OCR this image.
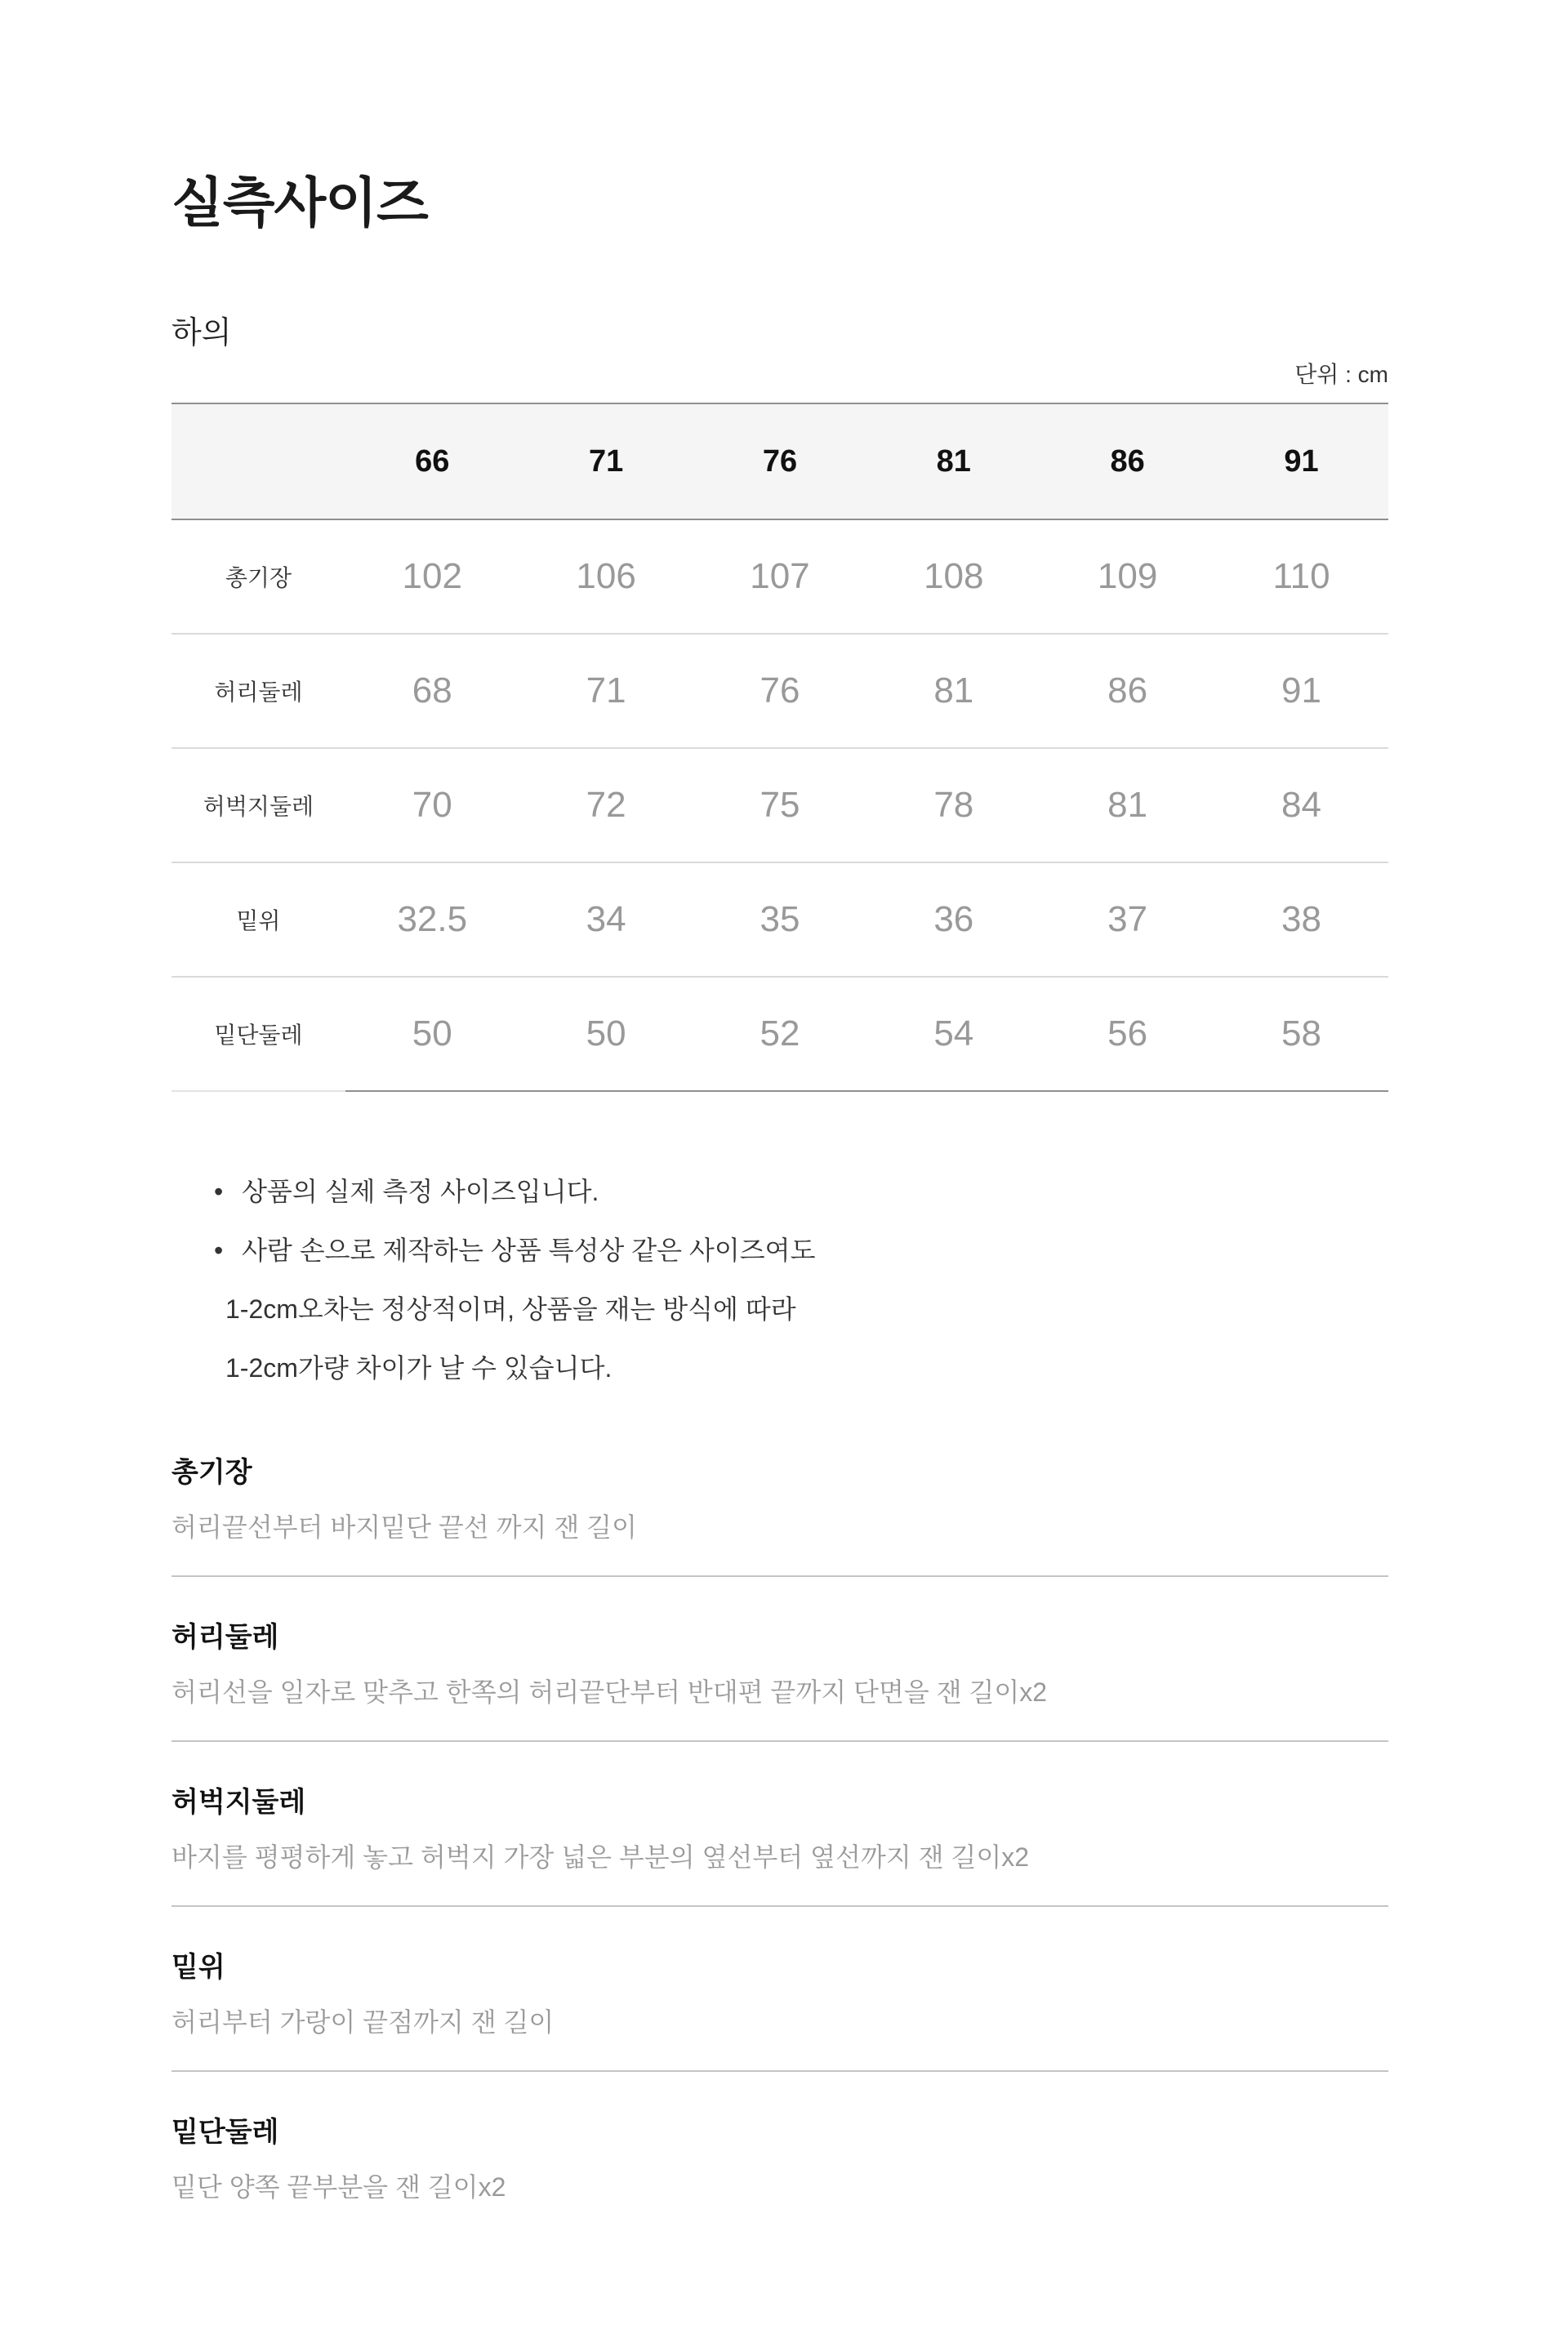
실측사이즈
하의
단위 : cm
	66	71	76	81	86	91
총기장	102	106	107	108	109	110
허리둘레	68	71	76	81	86	91
허벅지둘레	70	72	75	78	81	84
밑위	32.5	34	35	36	37	38
밑단둘레	50	50	52	54	56	58
• 상품의 실제 측정 사이즈입니다.
• 사람 손으로 제작하는 상품 특성상 같은 사이즈여도
1-2cm오차는 정상적이며, 상품을 재는 방식에 따라
1-2cm가량 차이가 날 수 있습니다.
총기장

허리끝선부터 바지밑단 끝선 까지 잰 길이

허리둘레

허리선을 일자로 맞추고 한쪽의 허리끝단부터 반대편 끝까지 단면을 잰 길이x2

허벅지둘레

바지를 평평하게 놓고 허벅지 가장 넓은 부분의 옆선부터 옆선까지 잰 길이x2

밑위

허리부터 가랑이 끝점까지 잰 길이

밑단둘레

밑단 양쪽 끝부분을 잰 길이x2
